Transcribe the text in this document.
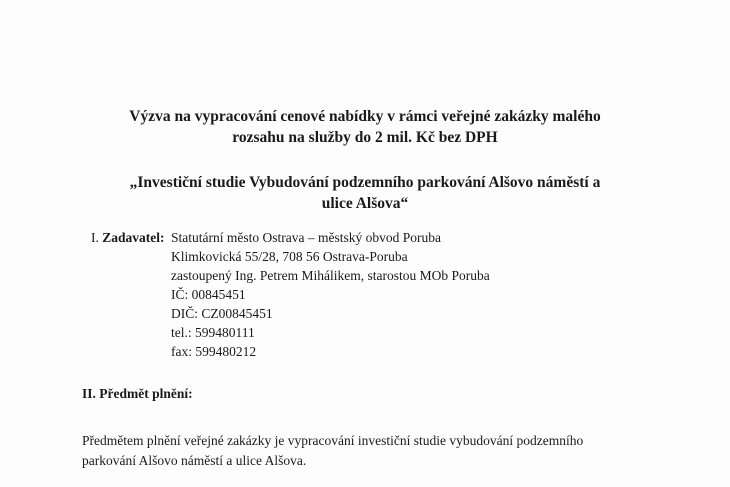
Výzva na vypracování cenové nabídky v rámci veřejné zakázky malého
rozsahu na služby do 2 mil. Kč bez DPH
„Investiční studie Vybudování podzemního parkování Alšovo náměstí a
ulice Alšova“
I. Zadavatel: Statutární město Ostrava – městský obvod Poruba
Klimkovická 55/28, 708 56 Ostrava-Poruba
zastoupený Ing. Petrem Mihálikem, starostou MOb Poruba
IČ: 00845451
DIČ: CZ00845451
tel.: 599480111
fax: 599480212
II. Předmět plnění:
Předmětem plnění veřejné zakázky je vypracování investiční studie vybudování podzemního
parkování Alšovo náměstí a ulice Alšova.
